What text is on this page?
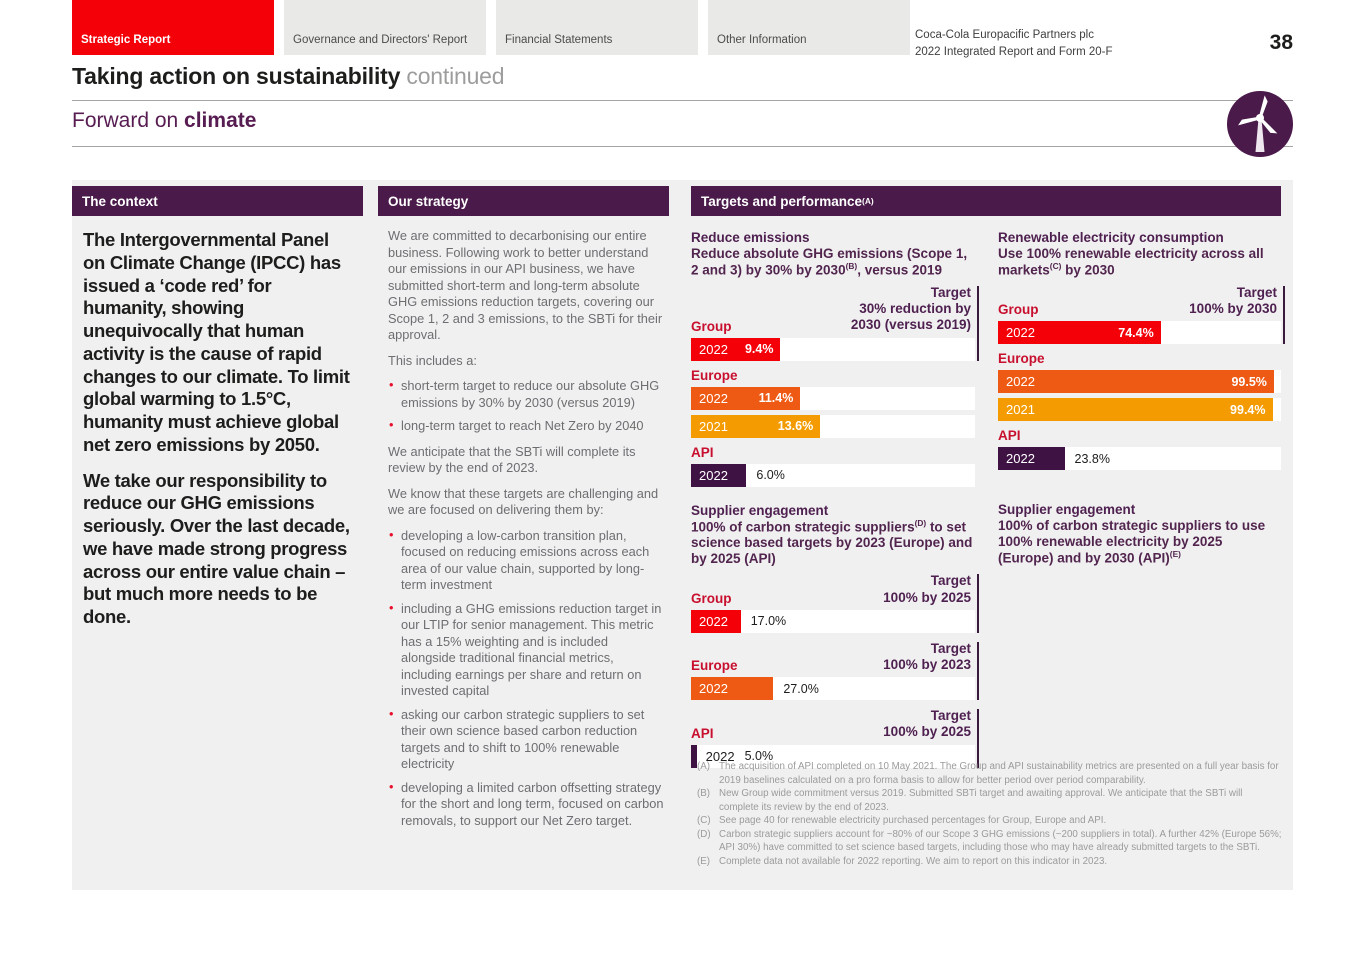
Strategic Report	Governance and Directors' Report	Financial Statements	Other Information	Coca-Cola Europacific Partners plc
2022 Integrated Report and Form 20-F	38
Taking action on sustainability continued
Forward on climate
The context

The Intergovernmental Panel on Climate Change (IPCC) has issued a ‘code red’ for humanity, showing unequivocally that human activity is the cause of rapid changes to our climate. To limit global warming to 1.5°C, humanity must achieve global net zero emissions by 2050.

We take our responsibility to reduce our GHG emissions seriously. Over the last decade, we have made strong progress across our entire value chain – but much more needs to be done.

Our strategy

We are committed to decarbonising our entire business. Following work to better understand our emissions in our API business, we have submitted short-term and long-term absolute GHG emissions reduction targets, covering our Scope 1, 2 and 3 emissions, to the SBTi for their approval.

This includes a:

• short-term target to reduce our absolute GHG emissions by 30% by 2030 (versus 2019)
• long-term target to reach Net Zero by 2040

We anticipate that the SBTi will complete its review by the end of 2023.

We know that these targets are challenging and we are focused on delivering them by:

• developing a low-carbon transition plan, focused on reducing emissions across each area of our value chain, supported by long-term investment
• including a GHG emissions reduction target in our LTIP for senior management. This metric has a 15% weighting and is included alongside traditional financial metrics, including earnings per share and return on invested capital
• asking our carbon strategic suppliers to set their own science based carbon reduction targets and to shift to 100% renewable electricity
• developing a limited carbon offsetting strategy for the short and long term, focused on carbon removals, to support our Net Zero target.
Targets and performance (A)
Reduce emissions

Reduce absolute GHG emissions (Scope 1, 2 and 3) by 30% by $2030^{(B)}$, versus 2019

Group
Target
30% reduction by
2030 (versus 2019)
2022 9.4%
Europe
2022 11.4%
2021	13.6%
API
2022	6.0%
Supplier engagement

100% of carbon strategic suppliers$^{(D)}$ to set science based targets by 2023 (Europe) and by 2025 (API)

Group
Target
100% by 2025
2022	17.0%
Europe
Target
100% by 2023
2022	27.0%
API
Target
100% by 2025
2022 5.0%
Renewable electricity consumption

Use 100% renewable electricity across all markets$^{(C)}$ by 2030

Group
Target
100% by 2030
2022	74.4%
Europe
2022	99.5%
2021	99.4%
API
2022	23.8%
Supplier engagement

100% of carbon strategic suppliers to use 100% renewable electricity by 2025 (Europe) and by 2030 (API)$^{(E)}$

(A) The acquisition of API completed on 10 May 2021. The Group and API sustainability metrics are presented on a full year basis for 2019 baselines calculated on a pro forma basis to allow for better period over period comparability.
(B) New Group wide commitment versus 2019. Submitted SBTi target and awaiting approval. We anticipate that the SBTi will complete its review by the end of 2023.
(C) See page 40 for renewable electricity purchased percentages for Group, Europe and API.
(D) Carbon strategic suppliers account for ~80% of our Scope 3 GHG emissions (~200 suppliers in total). A further 42% (Europe 56%; API 30%) have committed to set science based targets, including those who may have already submitted targets to the SBTi.
(E) Complete data not available for 2022 reporting. We aim to report on this indicator in 2023.
